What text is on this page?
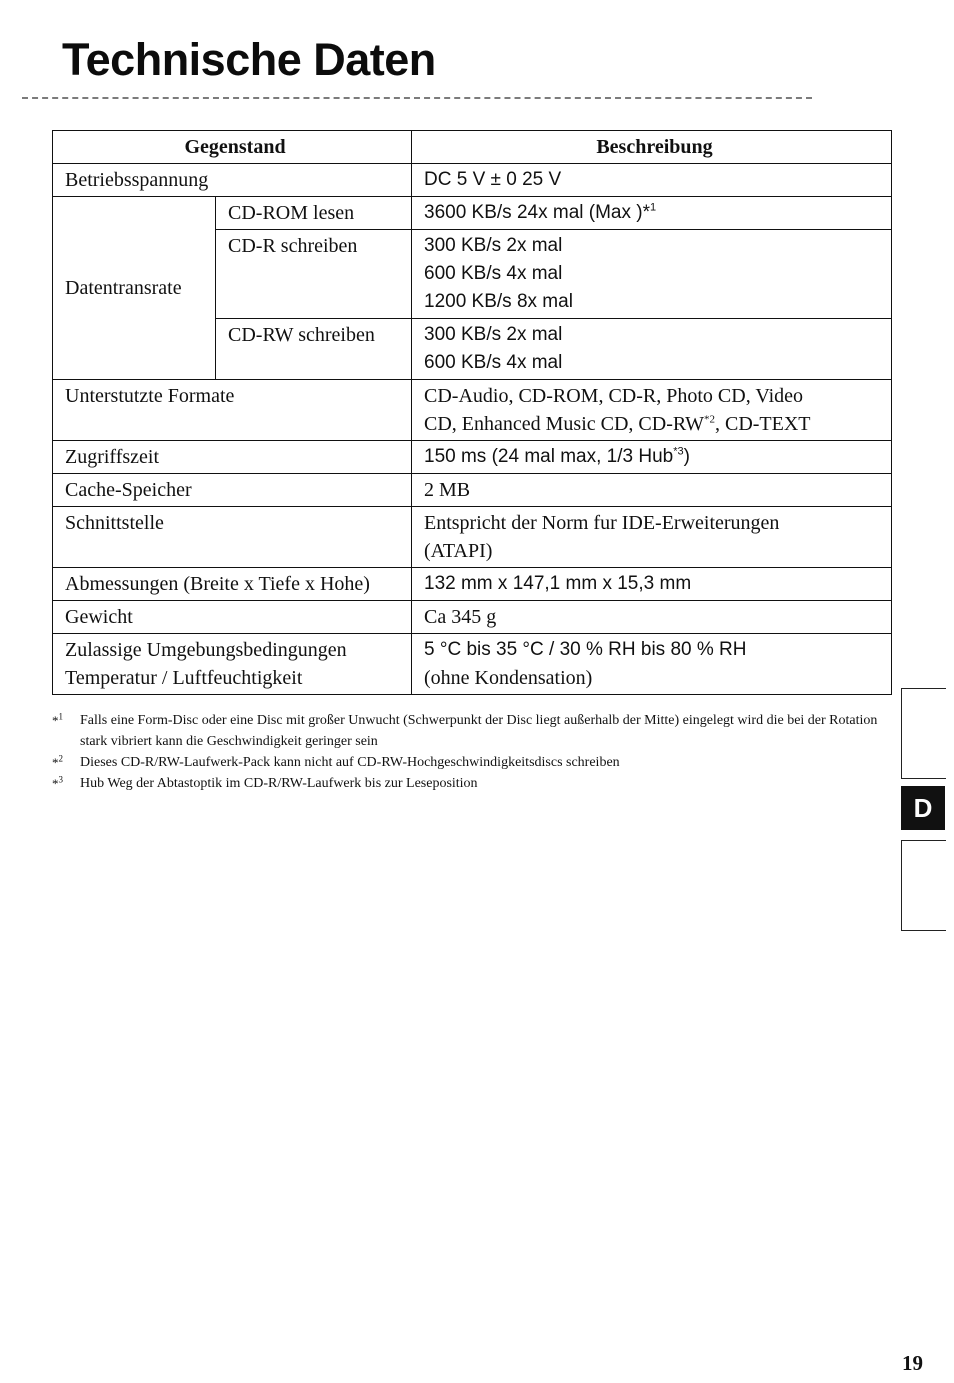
Technische Daten
Gegenstand		Beschreibung
Betriebsspannung		DC 5 V ± 0 25 V
Datentransrate	CD-ROM lesen	3600 KB/s 24x mal (Max )*$^1$
	CD-R schreiben	300 KB/s 2x mal
600 KB/s 4x mal
1200 KB/s 8x mal

	CD-RW schreiben	300 KB/s 2x mal
600 KB/s 4x mal

Unterstutzte Formate		CD-Audio, CD-ROM, CD-R, Photo CD, Video
CD, Enhanced Music CD, CD-RW$^{*2}$, CD-TEXT

Zugriffszeit		150 ms (24 mal max, 1/3 Hub$^{*3}$)
Cache-Speicher		2 MB
Schnittstelle		Entspricht der Norm fur IDE-Erweiterungen
(ATAPI)

Abmessungen (Breite x Tiefe x Hohe)		132 mm x 147,1 mm x 15,3 mm
Gewicht		Ca 345 g

Zulassige Umgebungsbedingungen
Temperatur / Luftfeuchtigkeit		5 °C bis 35 °C / 30 % RH bis 80 % RH
(ohne Kondensation)
*$^1$ Falls eine Form-Disc oder eine Disc mit großer Unwucht (Schwerpunkt der Disc liegt außerhalb der Mitte) eingelegt wird die bei der Rotation stark vibriert kann die Geschwindigkeit geringer sein
*$^2$ Dieses CD-R/RW-Laufwerk-Pack kann nicht auf CD-RW-Hochgeschwindigkeitsdiscs schreiben
*$^3$ Hub Weg der Abtastoptik im CD-R/RW-Laufwerk bis zur Leseposition
D
19
